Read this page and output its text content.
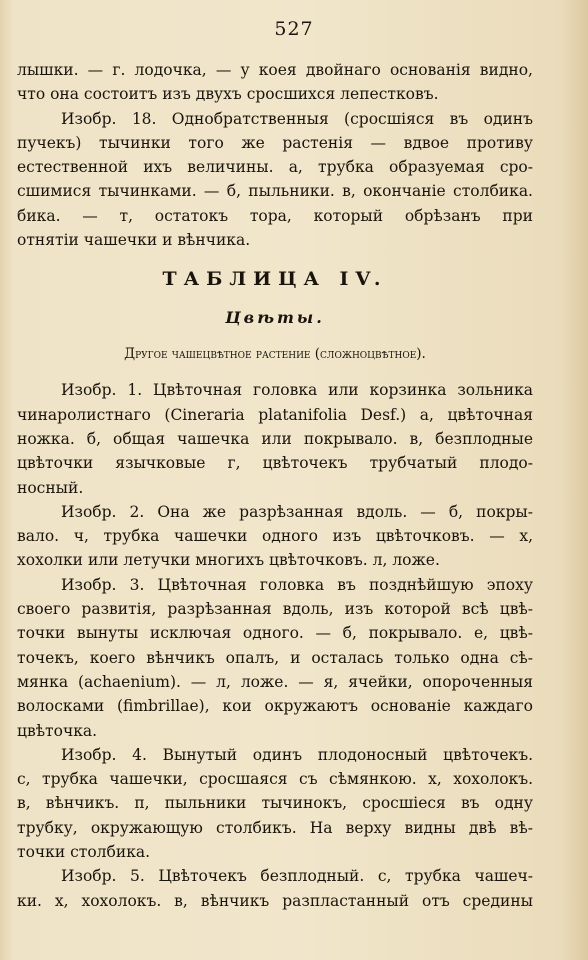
527
лышки. — г. лодочка, — у коея двойнаго основанія видно,
что она состоитъ изъ двухъ сросшихся лепестковъ.
Изобр. 18. Однобратственныя (сросшіяся въ одинъ
пучекъ) тычинки того же растенія — вдвое противу
естественной ихъ величины. а, трубка образуемая сро-
сшимися тычинками. — б, пыльники. в, окончаніе столбика.
бика. — т, остатокъ тора, который обрѣзанъ при
отнятіи чашечки и вѣнчика.
ТАБЛИЦА IV.
Цвѣты.
Другое чашецвѣтное растение (сложноцвѣтное).
Изобр. 1. Цвѣточная головка или корзинка зольника
чинаролистнаго (Cineraria platanifolia Desf.) а, цвѣточная
ножка. б, общая чашечка или покрывало. в, безплодные
цвѣточки язычковые г, цвѣточекъ трубчатый плодо-
носный.
Изобр. 2. Она же разрѣзанная вдоль. — б, покры-
вало. ч, трубка чашечки одного изъ цвѣточковъ. — х,
хохолки или летучки многихъ цвѣточковъ. л, ложе.
Изобр. 3. Цвѣточная головка въ позднѣйшую эпоху
своего развитія, разрѣзанная вдоль, изъ которой всѣ цвѣ-
точки вынуты исключая одного. — б, покрывало. е, цвѣ-
точекъ, коего вѣнчикъ опалъ, и осталась только одна сѣ-
мянка (achaenium). — л, ложе. — я, ячейки, опороченныя
волосками (fimbrillae), кои окружаютъ основаніе каждаго
цвѣточка.
Изобр. 4. Вынутый одинъ плодоносный цвѣточекъ.
с, трубка чашечки, сросшаяся съ сѣмянкою. х, хохолокъ.
в, вѣнчикъ. п, пыльники тычинокъ, сросшіеся въ одну
трубку, окружающую столбикъ. На верху видны двѣ вѣ-
точки столбика.
Изобр. 5. Цвѣточекъ безплодный. с, трубка чашеч-
ки. х, хохолокъ. в, вѣнчикъ разпластанный отъ средины
